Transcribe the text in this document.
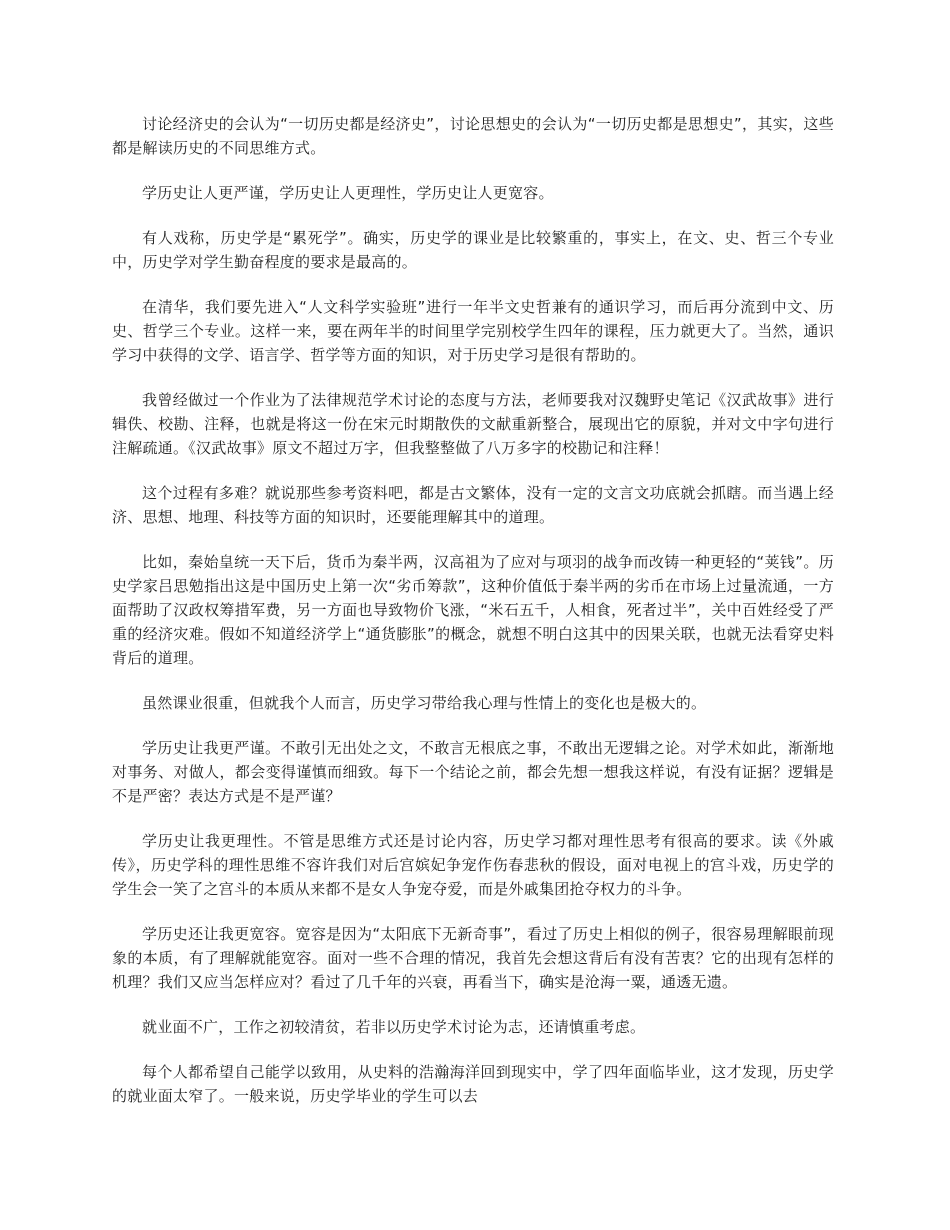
讨论经济史的会认为“一切历史都是经济史”，讨论思想史的会认为“一切历史都是思想史”，其实，这些都是解读历史的不同思维方式。

学历史让人更严谨，学历史让人更理性，学历史让人更宽容。

有人戏称，历史学是“累死学”。确实，历史学的课业是比较繁重的，事实上，在文、史、哲三个专业中，历史学对学生勤奋程度的要求是最高的。

在清华，我们要先进入“人文科学实验班”进行一年半文史哲兼有的通识学习，而后再分流到中文、历史、哲学三个专业。这样一来，要在两年半的时间里学完别校学生四年的课程，压力就更大了。当然，通识学习中获得的文学、语言学、哲学等方面的知识，对于历史学习是很有帮助的。

我曾经做过一个作业为了法律规范学术讨论的态度与方法，老师要我对汉魏野史笔记《汉武故事》进行辑佚、校勘、注释，也就是将这一份在宋元时期散佚的文献重新整合，展现出它的原貌，并对文中字句进行注解疏通。《汉武故事》原文不超过万字，但我整整做了八万多字的校勘记和注释！

这个过程有多难？就说那些参考资料吧，都是古文繁体，没有一定的文言文功底就会抓瞎。而当遇上经济、思想、地理、科技等方面的知识时，还要能理解其中的道理。

比如，秦始皇统一天下后，货币为秦半两，汉高祖为了应对与项羽的战争而改铸一种更轻的“荚钱”。历史学家吕思勉指出这是中国历史上第一次“劣币筹款”，这种价值低于秦半两的劣币在市场上过量流通，一方面帮助了汉政权筹措军费，另一方面也导致物价飞涨，“米石五千，人相食，死者过半”，关中百姓经受了严重的经济灾难。假如不知道经济学上“通货膨胀”的概念，就想不明白这其中的因果关联，也就无法看穿史料背后的道理。

虽然课业很重，但就我个人而言，历史学习带给我心理与性情上的变化也是极大的。

学历史让我更严谨。不敢引无出处之文，不敢言无根底之事，不敢出无逻辑之论。对学术如此，渐渐地对事务、对做人，都会变得谨慎而细致。每下一个结论之前，都会先想一想我这样说，有没有证据？逻辑是不是严密？表达方式是不是严谨？

学历史让我更理性。不管是思维方式还是讨论内容，历史学习都对理性思考有很高的要求。读《外戚传》，历史学科的理性思维不容许我们对后宫嫔妃争宠作伤春悲秋的假设，面对电视上的宫斗戏，历史学的学生会一笑了之宫斗的本质从来都不是女人争宠夺爱，而是外戚集团抢夺权力的斗争。

学历史还让我更宽容。宽容是因为“太阳底下无新奇事”，看过了历史上相似的例子，很容易理解眼前现象的本质，有了理解就能宽容。面对一些不合理的情况，我首先会想这背后有没有苦衷？它的出现有怎样的机理？我们又应当怎样应对？看过了几千年的兴衰，再看当下，确实是沧海一粟，通透无遗。

就业面不广，工作之初较清贫，若非以历史学术讨论为志，还请慎重考虑。

每个人都希望自己能学以致用，从史料的浩瀚海洋回到现实中，学了四年面临毕业，这才发现，历史学的就业面太窄了。一般来说，历史学毕业的学生可以去
